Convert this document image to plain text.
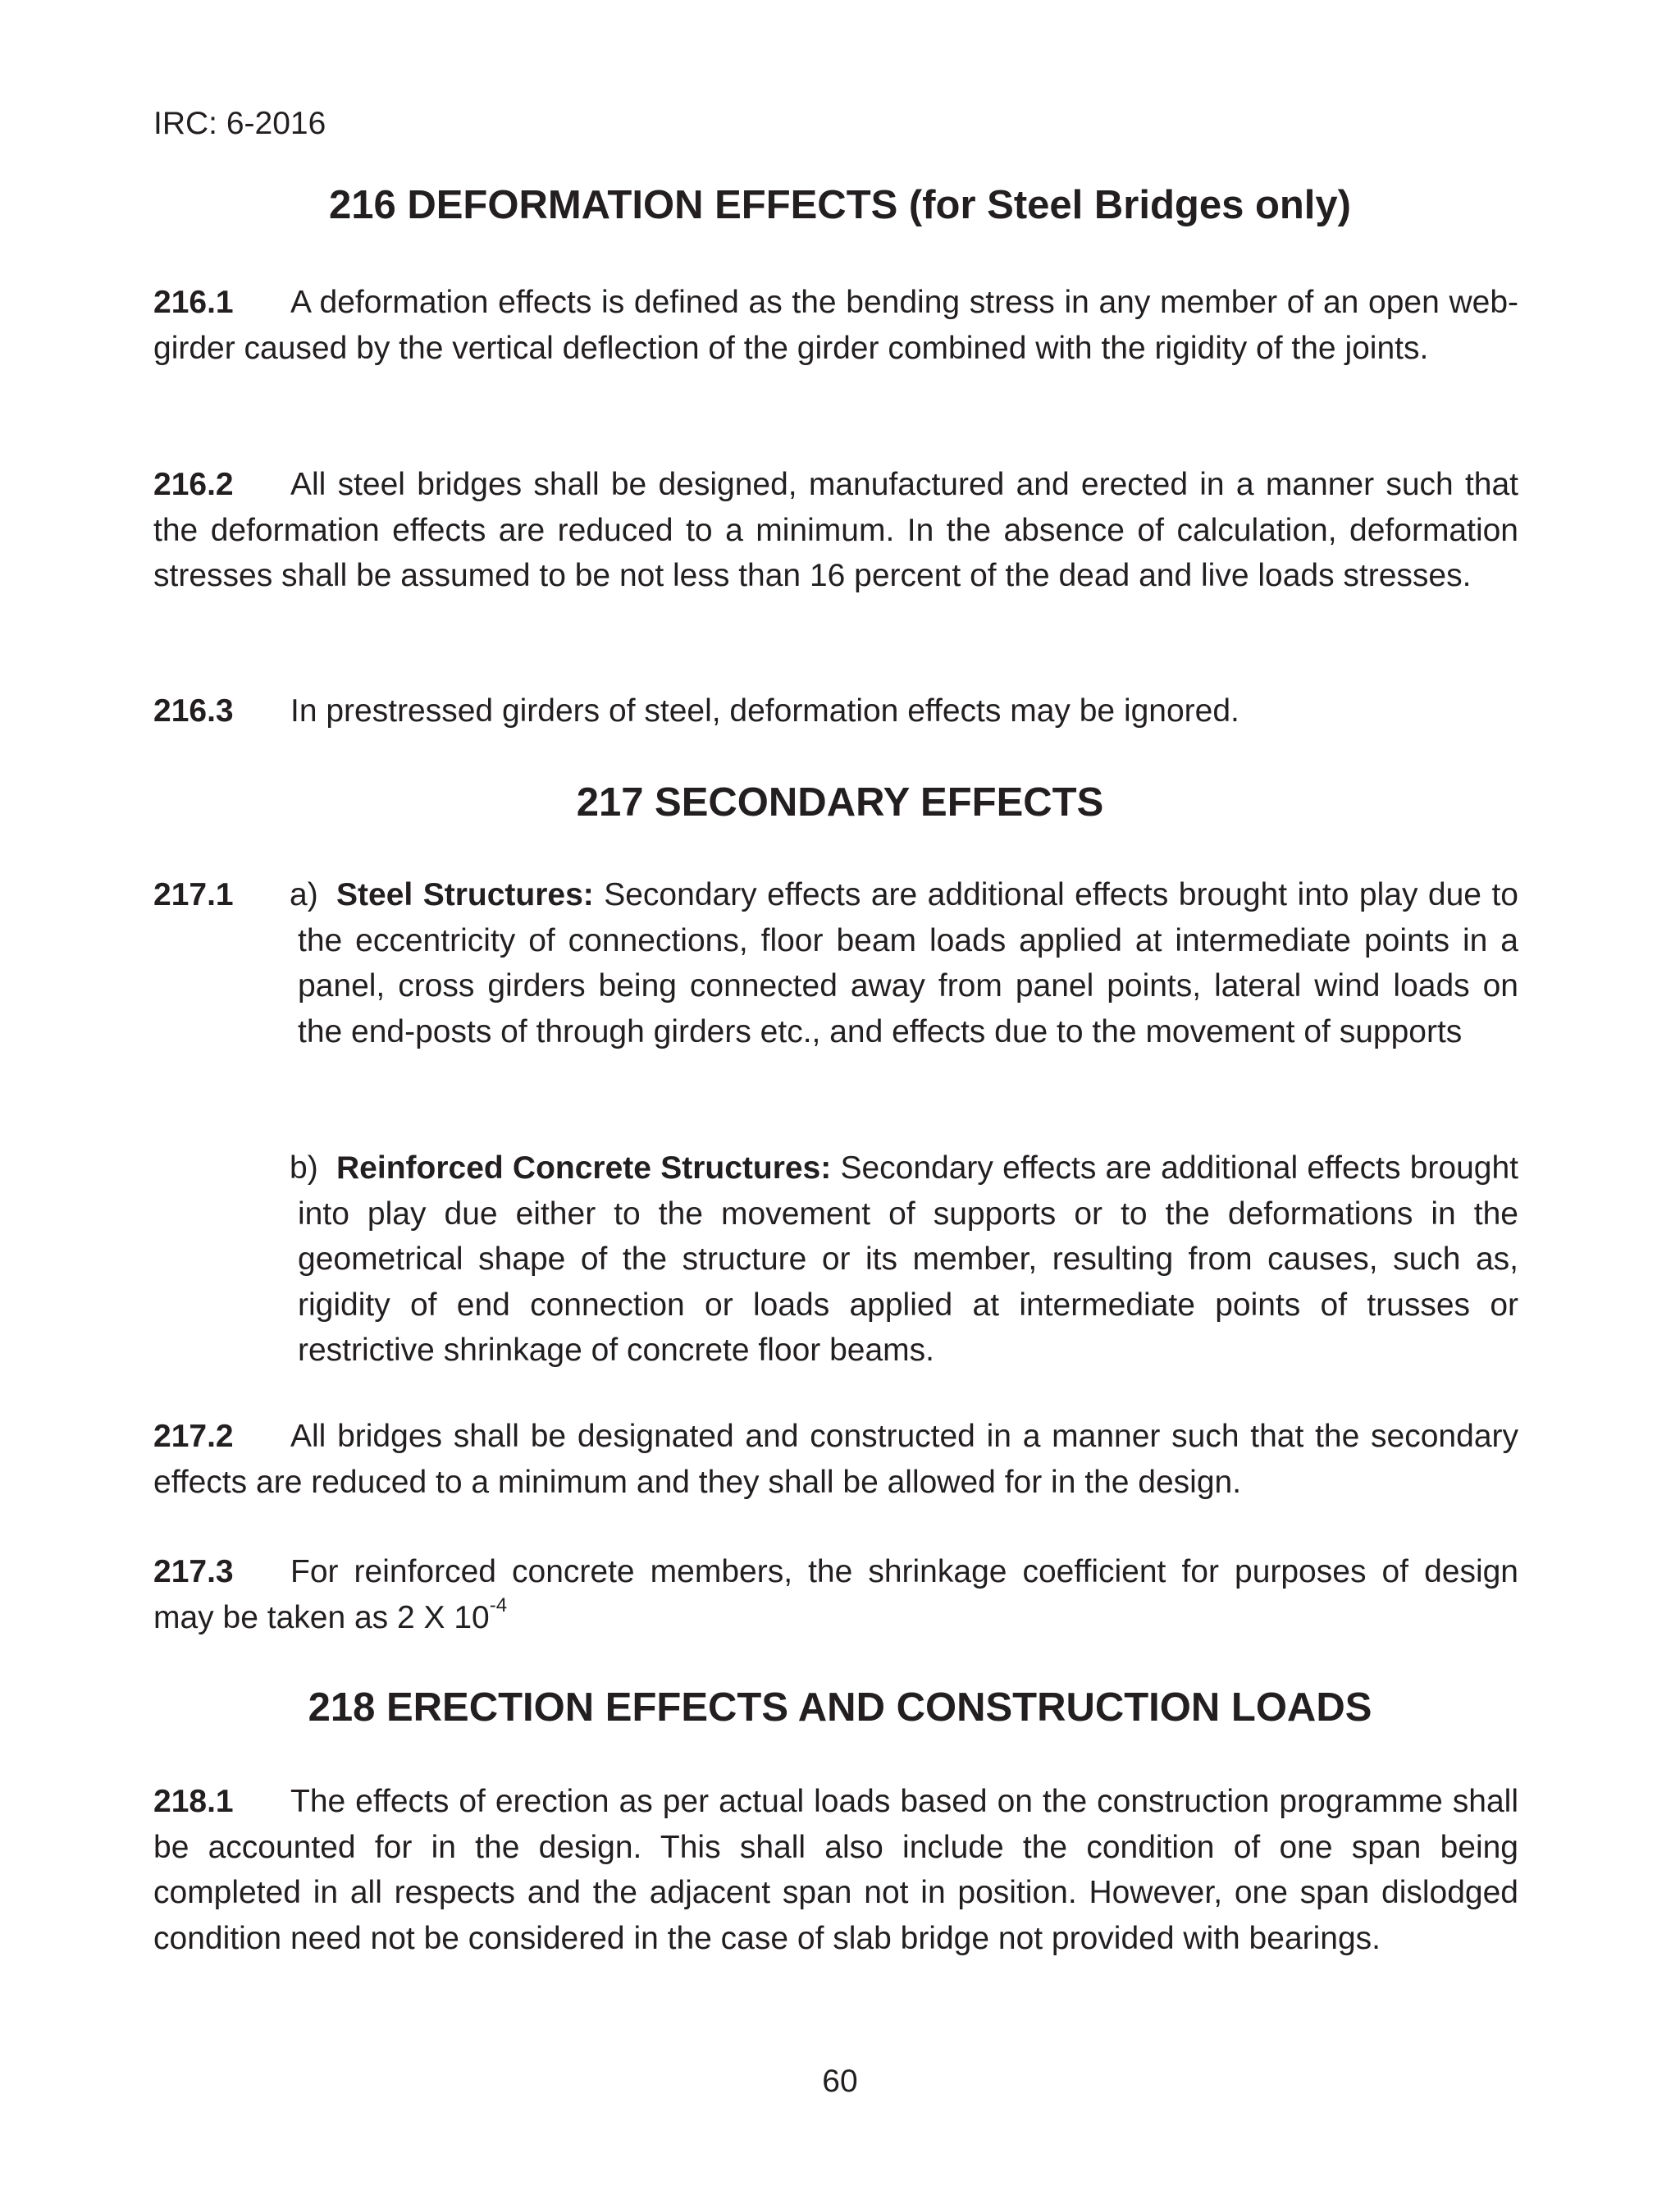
IRC: 6-2016
216 DEFORMATION EFFECTS (for Steel Bridges only)

216.1 A deformation effects is defined as the bending stress in any member of an open web-girder caused by the vertical deflection of the girder combined with the rigidity of the joints.

216.2 All steel bridges shall be designed, manufactured and erected in a manner such that the deformation effects are reduced to a minimum. In the absence of calculation, deformation stresses shall be assumed to be not less than 16 percent of the dead and live loads stresses.

216.3 In prestressed girders of steel, deformation effects may be ignored.

217 SECONDARY EFFECTS
217.1 a) Steel Structures: Secondary effects are additional effects brought into play due to the eccentricity of connections, floor beam loads applied at intermediate points in a panel, cross girders being connected away from panel points, lateral wind loads on the end-posts of through girders etc., and effects due to the movement of supports

b) Reinforced Concrete Structures: Secondary effects are additional effects brought into play due either to the movement of supports or to the deformations in the geometrical shape of the structure or its member, resulting from causes, such as, rigidity of end connection or loads applied at intermediate points of trusses or restrictive shrinkage of concrete floor beams.

217.2 All bridges shall be designated and constructed in a manner such that the secondary effects are reduced to a minimum and they shall be allowed for in the design.

217.3 For reinforced concrete members, the shrinkage coefficient for purposes of design may be taken as 2 X $10^{-4}$

218 ERECTION EFFECTS AND CONSTRUCTION LOADS

218.1 The effects of erection as per actual loads based on the construction programme shall be accounted for in the design. This shall also include the condition of one span being completed in all respects and the adjacent span not in position. However, one span dislodged condition need not be considered in the case of slab bridge not provided with bearings.

60
